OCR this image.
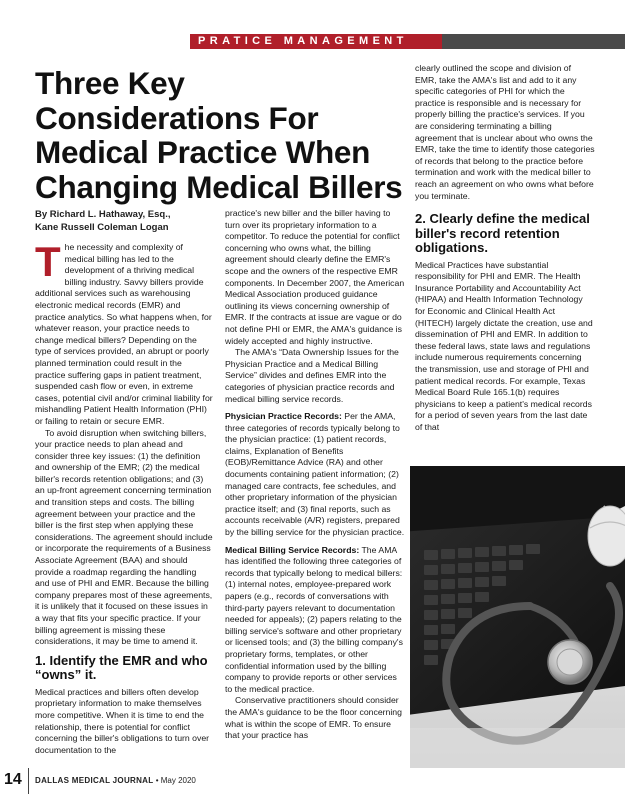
PRATICE MANAGEMENT
Three Key Considerations For Medical Practice When Changing Medical Billers
By Richard L. Hathaway, Esq.,
Kane Russell Coleman Logan

The necessity and complexity of medical billing has led to the development of a thriving medical billing industry. Savvy billers provide additional services such as warehousing electronic medical records (EMR) and practice analytics. So what happens when, for whatever reason, your practice needs to change medical billers? Depending on the type of services provided, an abrupt or poorly planned termination could result in the practice suffering gaps in patient treatment, suspended cash flow or even, in extreme cases, potential civil and/or criminal liability for mishandling Patient Health Information (PHI) or failing to retain or secure EMR.

To avoid disruption when switching billers, your practice needs to plan ahead and consider three key issues: (1) the definition and ownership of the EMR; (2) the medical biller's records retention obligations; and (3) an up-front agreement concerning termination and transition steps and costs. The billing agreement between your practice and the biller is the first step when applying these considerations. The agreement should include or incorporate the requirements of a Business Associate Agreement (BAA) and should provide a roadmap regarding the handling and use of PHI and EMR. Because the billing company prepares most of these agreements, it is unlikely that it focused on these issues in a way that fits your specific practice. If your billing agreement is missing these considerations, it may be time to amend it.

1. Identify the EMR and who “owns” it.

Medical practices and billers often develop proprietary information to make themselves more competitive. When it is time to end the relationship, there is potential for conflict concerning the biller's obligations to turn over documentation to the

practice's new biller and the biller having to turn over its proprietary information to a competitor. To reduce the potential for conflict concerning who owns what, the billing agreement should clearly define the EMR's scope and the owners of the respective EMR components. In December 2007, the American Medical Association produced guidance outlining its views concerning ownership of EMR. If the contracts at issue are vague or do not define PHI or EMR, the AMA's guidance is widely accepted and highly instructive.

The AMA's “Data Ownership Issues for the Physician Practice and a Medical Billing Service” divides and defines EMR into the categories of physician practice records and medical billing service records.

Physician Practice Records: Per the AMA, three categories of records typically belong to the physician practice: (1) patient records, claims, Explanation of Benefits (EOB)/Remittance Advice (RA) and other documents containing patient information; (2) managed care contracts, fee schedules, and other proprietary information of the physician practice itself; and (3) final reports, such as accounts receivable (A/R) registers, prepared by the billing service for the physician practice.

Medical Billing Service Records: The AMA has identified the following three categories of records that typically belong to medical billers: (1) internal notes, employee-prepared work papers (e.g., records of conversations with third-party payers relevant to documentation needed for appeals); (2) papers relating to the billing service's software and other proprietary or licensed tools; and (3) the billing company's proprietary forms, templates, or other confidential information used by the billing company to provide reports or other services to the medical practice.

Conservative practitioners should consider the AMA's guidance to be the floor concerning what is within the scope of EMR. To ensure that your practice has

clearly outlined the scope and division of EMR, take the AMA's list and add to it any specific categories of PHI for which the practice is responsible and is necessary for properly billing the practice's services. If you are considering terminating a billing agreement that is unclear about who owns the EMR, take the time to identify those categories of records that belong to the practice before termination and work with the medical biller to reach an agreement on who owns what before you terminate.

2. Clearly define the medical biller's record retention obligations.

Medical Practices have substantial responsibility for PHI and EMR. The Health Insurance Portability and Accountability Act (HIPAA) and Health Information Technology for Economic and Clinical Health Act (HITECH) largely dictate the creation, use and dissemination of PHI and EMR. In addition to these federal laws, state laws and regulations include numerous requirements concerning the transmission, use and storage of PHI and patient medical records. For example, Texas Medical Board Rule 165.1(b) requires physicians to keep a patient's medical records for a period of seven years from the last date of that

14 DALLAS MEDICAL JOURNAL • May 2020
